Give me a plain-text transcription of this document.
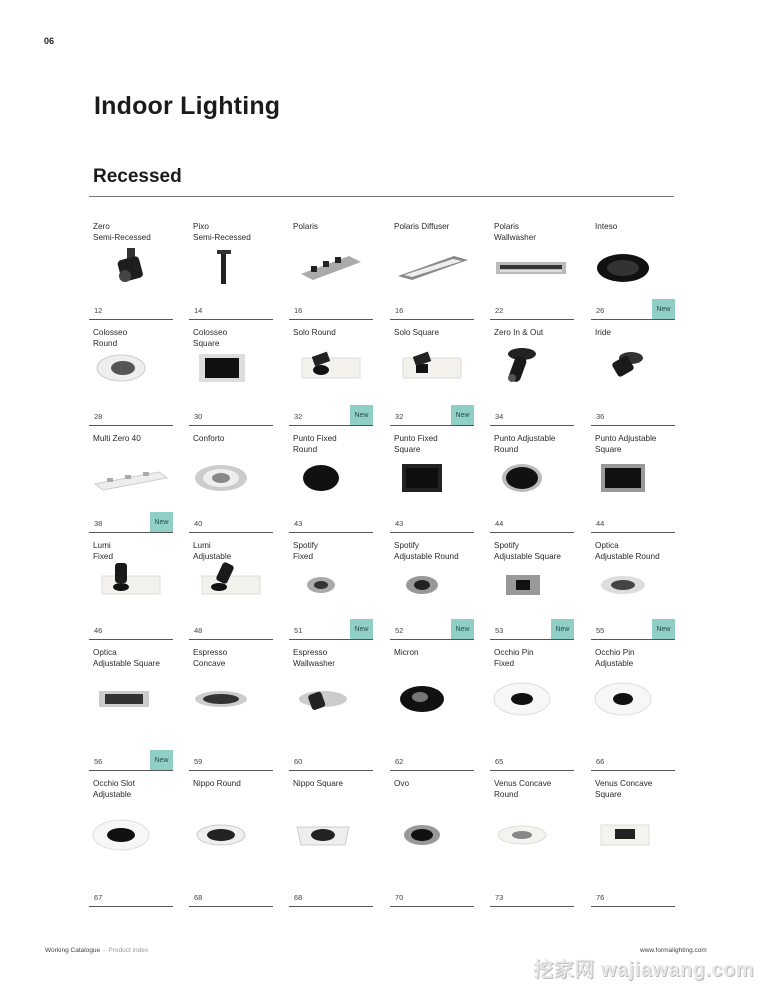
06
Indoor Lighting
Recessed
Zero
Semi-Recessed
12
Pixo
Semi-Recessed
14
Polaris
16
Polaris Diffuser
16
Polaris
Wallwasher
22
Inteso
26	New
Colosseo
Round
28
Colosseo
Square
30
Solo Round
32	New
Solo Square
32	New
Zero In & Out
34
Iride
36
Multi Zero 40
38	New
Conforto
40
Punto Fixed
Round
43
Punto Fixed
Square
43
Punto Adjustable
Round
44
Punto Adjustable
Square
44
Lumi
Fixed
46
Lumi
Adjustable
48
Spotify
Fixed
51	New
Spotify
Adjustable Round
52	New
Spotify
Adjustable Square
53	New
Optica
Adjustable Round
55	New
Optica
Adjustable Square
56	New
Espresso
Concave
59
Espresso
Wallwasher
60
Micron
62
Occhio Pin
Fixed
65
Occhio Pin
Adjustable
66
Occhio Slot
Adjustable
67
Nippo Round
68
Nippo Square
68
Ovo
70
Venus Concave
Round
73
Venus Concave
Square
76
Working Catalogue - Product index	www.formalighting.com
挖家网 wajiawang.com
